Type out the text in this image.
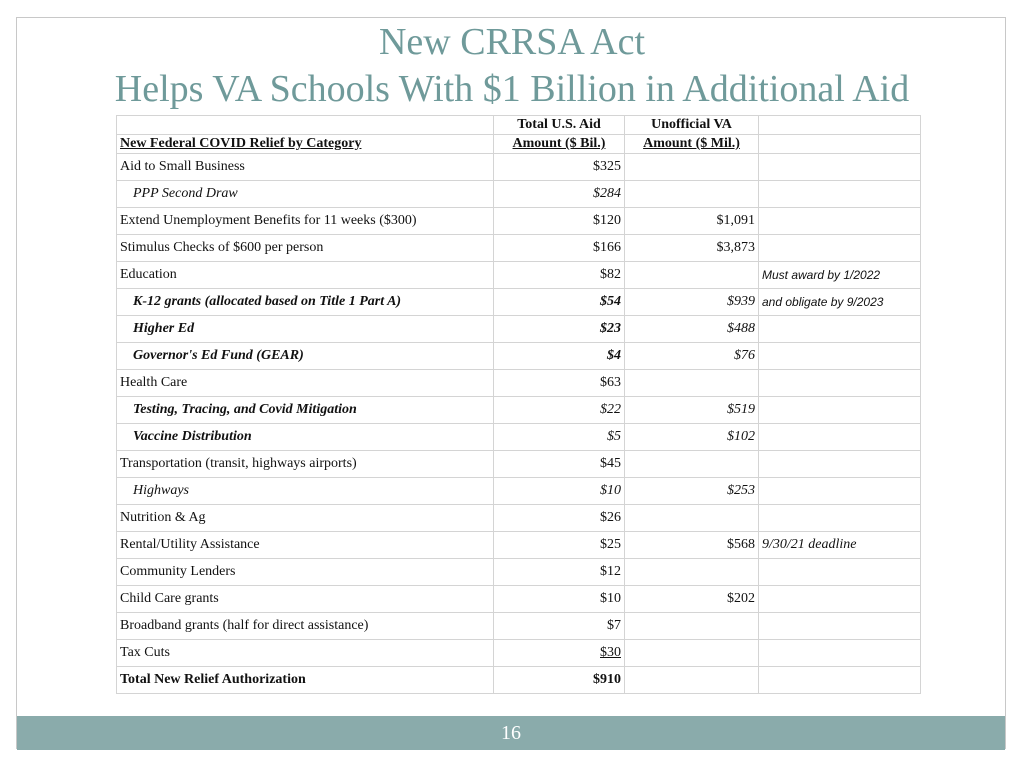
New CRRSA Act
Helps VA Schools With $1 Billion in Additional Aid
	Total U.S. Aid	Unofficial VA	
New Federal COVID Relief by Category	Amount ($ Bil.)	Amount ($ Mil.)	
Aid to Small Business	$325		
PPP Second Draw	$284		
Extend Unemployment Benefits for 11 weeks ($300)	$120	$1,091	
Stimulus Checks of $600 per person	$166	$3,873	
Education	$82		Must award by 1/2022
K-12 grants (allocated based on Title 1 Part A)	$54	$939	and obligate by 9/2023
Higher Ed	$23	$488	
Governor's Ed Fund (GEAR)	$4	$76	
Health Care	$63		
Testing, Tracing, and Covid Mitigation	$22	$519	
Vaccine Distribution	$5	$102	
Transportation (transit, highways airports)	$45		
Highways	$10	$253	
Nutrition & Ag	$26		
Rental/Utility Assistance	$25	$568	9/30/21 deadline
Community Lenders	$12		
Child Care grants	$10	$202	
Broadband grants (half for direct assistance)	$7		
Tax Cuts	$30		
Total New Relief Authorization	$910		
16
